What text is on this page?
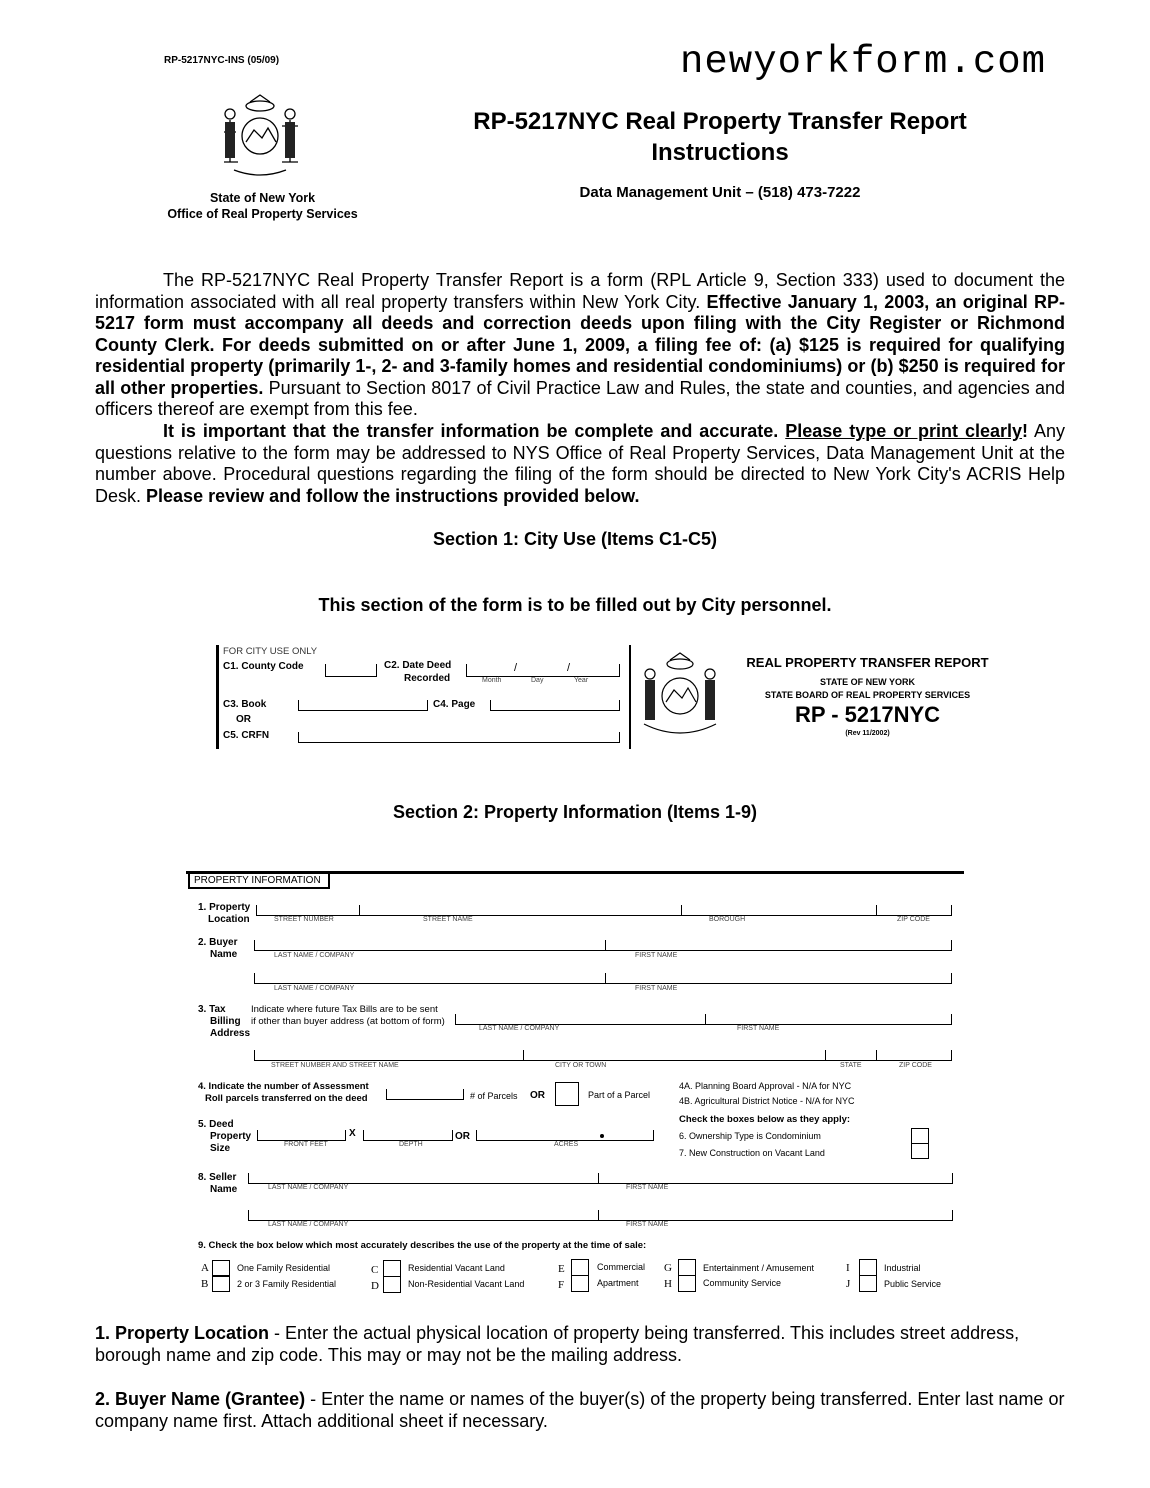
RP-5217NYC-INS (05/09)	newyorkform.com
State of New York
Office of Real Property Services
RP-5217NYC Real Property Transfer Report
Instructions
Data Management Unit – (518) 473-7222
The RP-5217NYC Real Property Transfer Report is a form (RPL Article 9, Section 333) used to document the information associated with all real property transfers within New York City. Effective January 1, 2003, an original RP-5217 form must accompany all deeds and correction deeds upon filing with the City Register or Richmond County Clerk. For deeds submitted on or after June 1, 2009, a filing fee of: (a) $125 is required for qualifying residential property (primarily 1-, 2- and 3-family homes and residential condominiums) or (b) $250 is required for all other properties. Pursuant to Section 8017 of Civil Practice Law and Rules, the state and counties, and agencies and officers thereof are exempt from this fee.
It is important that the transfer information be complete and accurate. Please type or print clearly! Any questions relative to the form may be addressed to NYS Office of Real Property Services, Data Management Unit at the number above. Procedural questions regarding the filing of the form should be directed to New York City's ACRIS Help Desk. Please review and follow the instructions provided below.
Section 1: City Use (Items C1-C5)
This section of the form is to be filled out by City personnel.
FOR CITY USE ONLY
C1. County Code	C2. Date Deed
Recorded
/	/
Month	Day	Year
C3. Book
OR
C4. Page
C5. CRFN
REAL PROPERTY TRANSFER REPORT
STATE OF NEW YORK
STATE BOARD OF REAL PROPERTY SERVICES
RP - 5217NYC
(Rev 11/2002)
Section 2: Property Information (Items 1-9)
PROPERTY INFORMATION
1. Property
Location	STREET NUMBER	STREET NAME	BOROUGH	ZIP CODE
2. Buyer
Name	LAST NAME / COMPANY	FIRST NAME
LAST NAME / COMPANY	FIRST NAME
3. Tax
Billing
Address
Indicate where future Tax Bills are to be sent
if other than buyer address (at bottom of form)
LAST NAME / COMPANY	FIRST NAME
STREET NUMBER AND STREET NAME	CITY OR TOWN	STATE	ZIP CODE
4. Indicate the number of Assessment
Roll parcels transferred on the deed	# of Parcels OR	Part of a Parcel
4A. Planning Board Approval - N/A for NYC
4B. Agricultural District Notice - N/A for NYC
Check the boxes below as they apply:
6. Ownership Type is Condominium
7. New Construction on Vacant Land
5. Deed
Property
Size
X	OR
FRONT FEET	DEPTH	ACRES
8. Seller
Name	LAST NAME / COMPANY	FIRST NAME
LAST NAME / COMPANY	FIRST NAME
9. Check the box below which most accurately describes the use of the property at the time of sale:
A	One Family Residential
B	2 or 3 Family Residential
C	Residential Vacant Land
D	Non-Residential Vacant Land
E	Commercial
F	Apartment
G	Entertainment / Amusement
H	Community Service
I	Industrial
J	Public Service
1. Property Location - Enter the actual physical location of property being transferred. This includes street address, borough name and zip code. This may or may not be the mailing address.
2. Buyer Name (Grantee) - Enter the name or names of the buyer(s) of the property being transferred. Enter last name or company name first. Attach additional sheet if necessary.
